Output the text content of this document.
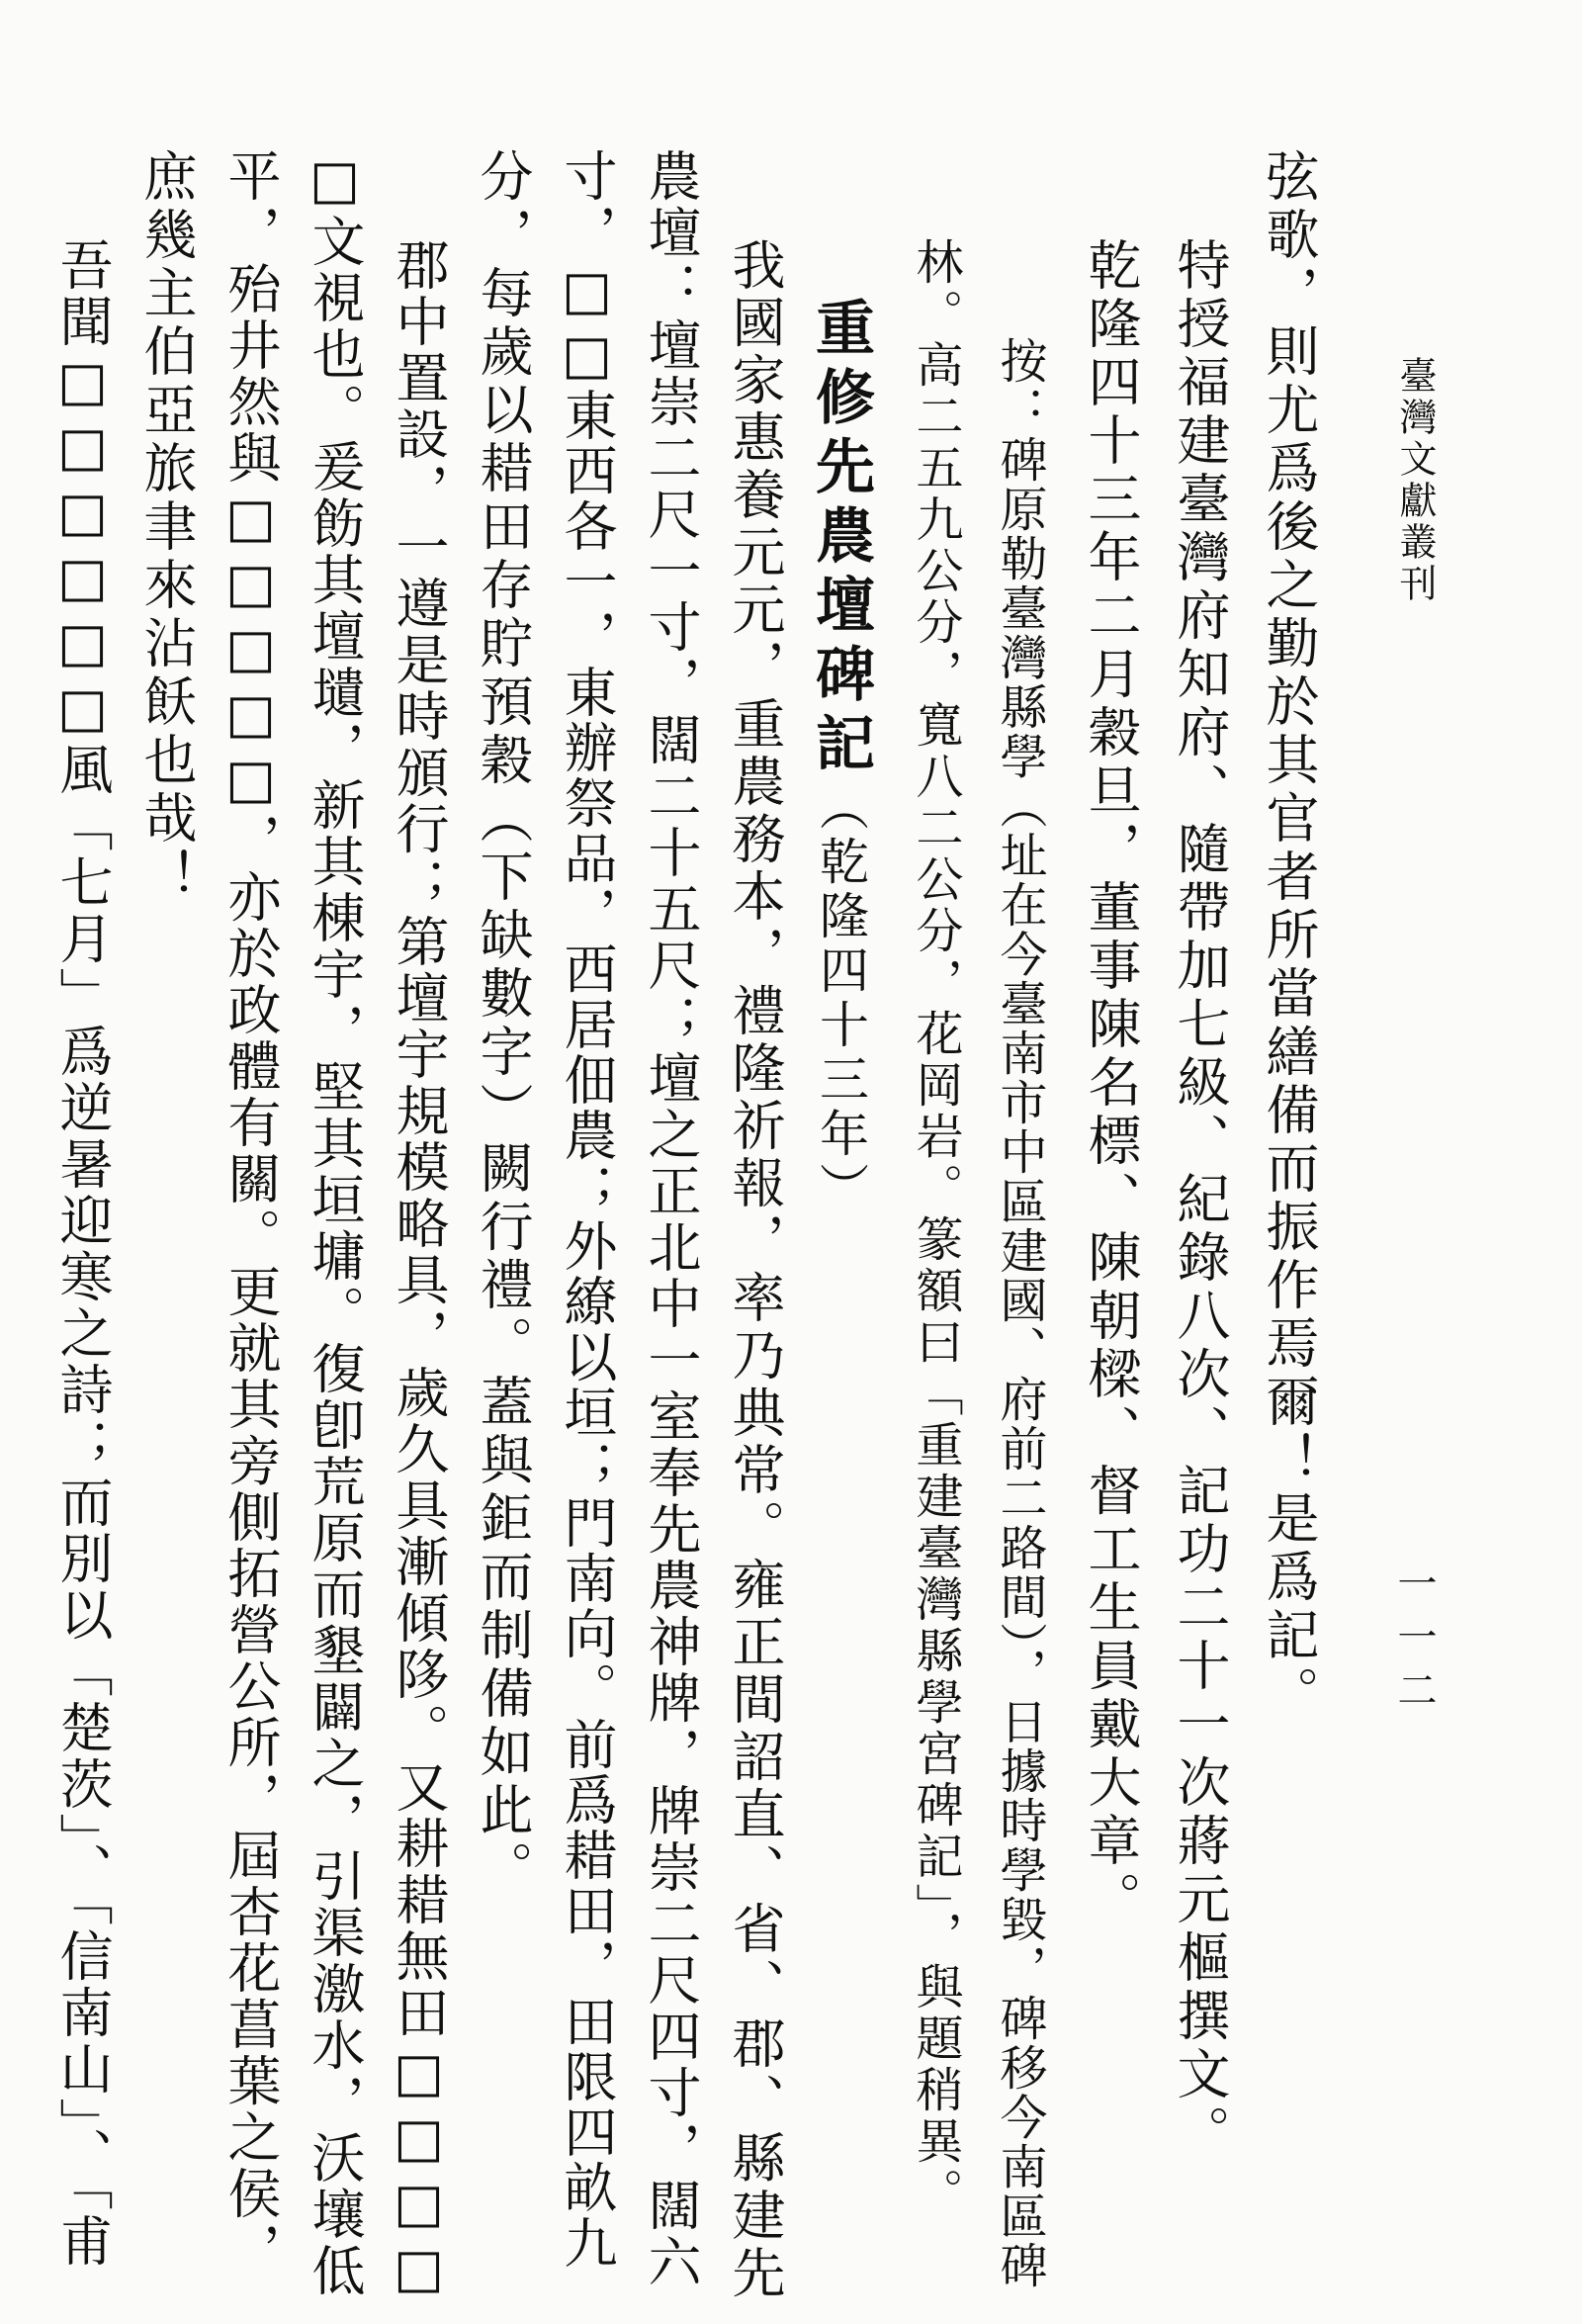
臺灣文獻叢刊
一一二
弦歌，則尤爲後之勤於其官者所當繕備而振作焉爾！是爲記。
特授福建臺灣府知府、隨帶加七級、紀錄八次、記功二十一次蔣元樞撰文。
乾隆四十三年二月穀旦，董事陳名標、陳朝樑、督工生員戴大章。
按：碑原勒臺灣縣學（址在今臺南市中區建國、府前二路間），日據時學毀，碑移今南區碑
林。高二五九公分，寬八二公分，花岡岩。篆額曰「重建臺灣縣學宮碑記」，與題稍異。
重修先農壇碑記（乾隆四十三年）
我國家惠養元元，重農務本，禮隆祈報，率乃典常。雍正間詔直、省、郡、縣建先
農壇：壇崇二尺一寸，闊二十五尺；壇之正北中一室奉先農神牌，牌崇二尺四寸，闊六
寸，□□東西各一，東辦祭品，西居佃農；外繚以垣；門南向。前爲耤田，田限四畝九
分，每歲以耤田存貯預穀（下缺數字）闕行禮。蓋與鉅而制備如此。
郡中置設，一遵是時頒行；第壇宇規模略具，歲久具漸傾陊。又耕耤無田□□□□
□文視也。爰飭其壇壝，新其棟宇，堅其垣墉。復卽荒原而墾闢之，引渠激水，沃壤低
平，殆井然與□□□□□，亦於政體有關。更就其旁側拓營公所，屆杏花菖葉之侯，
庶幾主伯亞旅聿來沾飫也哉！
吾聞□□□□□□風「七月」爲逆暑迎寒之詩；而別以「楚茨」、「信南山」、「甫
